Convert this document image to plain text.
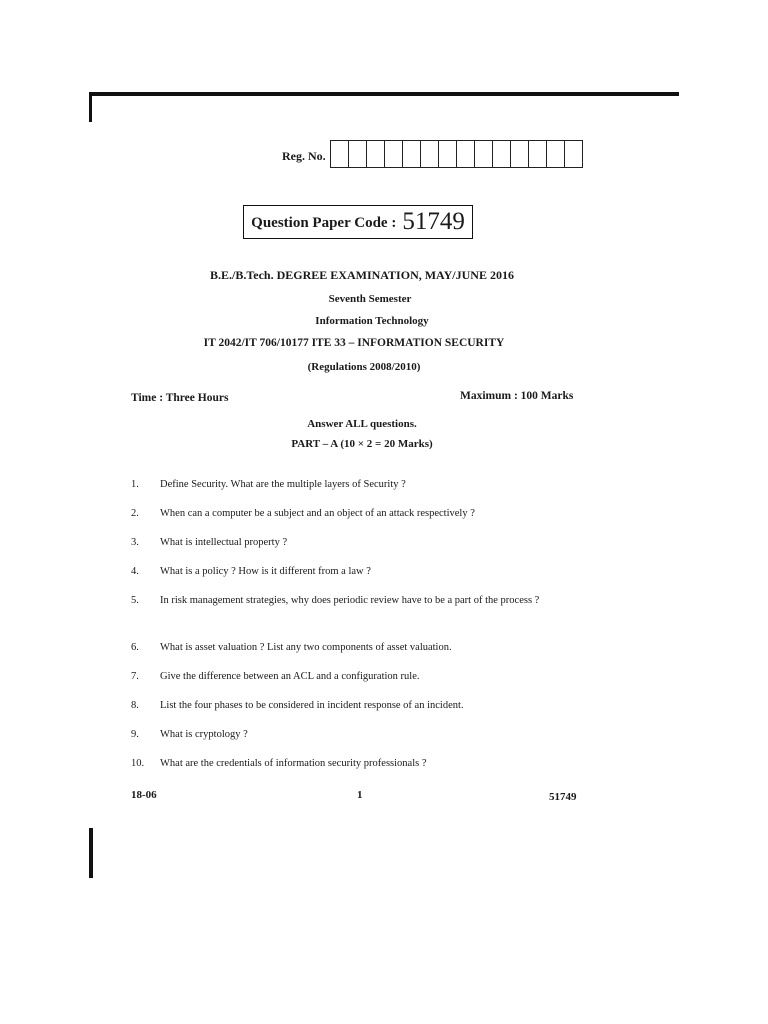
Reg. No.
Question Paper Code : 51749
B.E./B.Tech. DEGREE EXAMINATION, MAY/JUNE 2016
Seventh Semester
Information Technology
IT 2042/IT 706/10177 ITE 33 – INFORMATION SECURITY
(Regulations 2008/2010)
Time : Three Hours	Maximum : 100 Marks
Answer ALL questions.
PART – A (10 × 2 = 20 Marks)
1. Define Security. What are the multiple layers of Security ?
2. When can a computer be a subject and an object of an attack respectively ?
3. What is intellectual property ?
4. What is a policy ? How is it different from a law ?
5. In risk management strategies, why does periodic review have to be a part of the process ?
6. What is asset valuation ? List any two components of asset valuation.
7. Give the difference between an ACL and a configuration rule.
8. List the four phases to be considered in incident response of an incident.
9. What is cryptology ?
10. What are the credentials of information security professionals ?
18-06	1	51749
